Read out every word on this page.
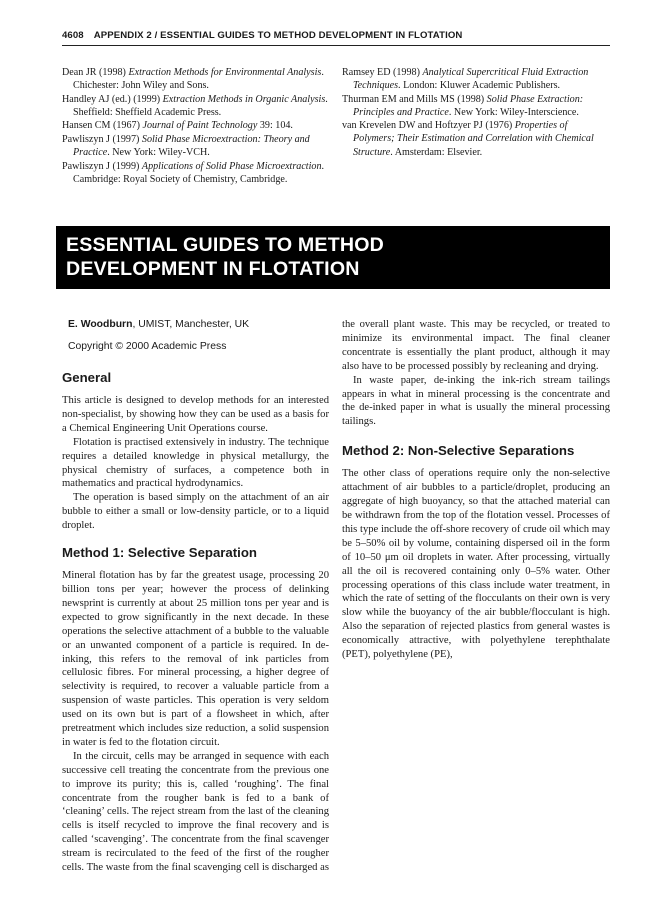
4608 APPENDIX 2 / ESSENTIAL GUIDES TO METHOD DEVELOPMENT IN FLOTATION

Dean JR (1998) Extraction Methods for Environmental Analysis. Chichester: John Wiley and Sons.

Handley AJ (ed.) (1999) Extraction Methods in Organic Analysis. Sheffield: Sheffield Academic Press.

Hansen CM (1967) Journal of Paint Technology 39: 104.

Pawliszyn J (1997) Solid Phase Microextraction: Theory and Practice. New York: Wiley-VCH.

Pawliszyn J (1999) Applications of Solid Phase Microextraction. Cambridge: Royal Society of Chemistry, Cambridge.

Ramsey ED (1998) Analytical Supercritical Fluid Extraction Techniques. London: Kluwer Academic Publishers.

Thurman EM and Mills MS (1998) Solid Phase Extraction: Principles and Practice. New York: Wiley-Interscience.

van Krevelen DW and Hoftzyer PJ (1976) Properties of Polymers; Their Estimation and Correlation with Chemical Structure. Amsterdam: Elsevier.

ESSENTIAL GUIDES TO METHOD
DEVELOPMENT IN FLOTATION

E. Woodburn, UMIST, Manchester, UK

Copyright © 2000 Academic Press

General

This article is designed to develop methods for an interested non-specialist, by showing how they can be used as a basis for a Chemical Engineering Unit Operations course.

Flotation is practised extensively in industry. The technique requires a detailed knowledge in physical metallurgy, the physical chemistry of surfaces, a competence both in mathematics and practical hydrodynamics.

The operation is based simply on the attachment of an air bubble to either a small or low-density particle, or to a liquid droplet.

Method 1: Selective Separation

Mineral flotation has by far the greatest usage, processing 20 billion tons per year; however the process of delinking newsprint is currently at about 25 million tons per year and is expected to grow significantly in the next decade. In these operations the selective attachment of a bubble to the valuable or an unwanted component of a particle is required. In de-inking, this refers to the removal of ink particles from cellulosic fibres. For mineral processing, a higher degree of selectivity is required, to recover a valuable particle from a suspension of waste particles. This operation is very seldom used on its own but is part of a flowsheet in which, after pretreatment which includes size reduction, a solid suspension in water is fed to the flotation circuit.

In the circuit, cells may be arranged in sequence with each successive cell treating the concentrate from the previous one to improve its purity; this is, called ‘roughing’. The final concentrate from the rougher bank is fed to a bank of ‘cleaning’ cells. The reject stream from the last of the cleaning cells is itself recycled to improve the final recovery and is called ‘scavenging’. The concentrate from the final scavenger stream is recirculated to the feed of the first of the rougher cells. The waste from the final scavenging cell is discharged as

the overall plant waste. This may be recycled, or treated to minimize its environmental impact. The final cleaner concentrate is essentially the plant product, although it may also have to be processed possibly by recleaning and drying.

In waste paper, de-inking the ink-rich stream tailings appears in what in mineral processing is the concentrate and the de-inked paper in what is usually the mineral processing tailings.

Method 2: Non-Selective Separations

The other class of operations require only the non-selective attachment of air bubbles to a particle/droplet, producing an aggregate of high buoyancy, so that the attached material can be withdrawn from the top of the flotation vessel. Processes of this type include the off-shore recovery of crude oil which may be 5–50% oil by volume, containing dispersed oil in the form of 10–50 μm oil droplets in water. After processing, virtually all the oil is recovered containing only 0–5% water. Other processing operations of this class include water treatment, in which the rate of setting of the flocculants on their own is very slow while the buoyancy of the air bubble/flocculant is high. Also the separation of rejected plastics from general wastes is economically attractive, with polyethylene terephthalate (PET), polyethylene (PE),
